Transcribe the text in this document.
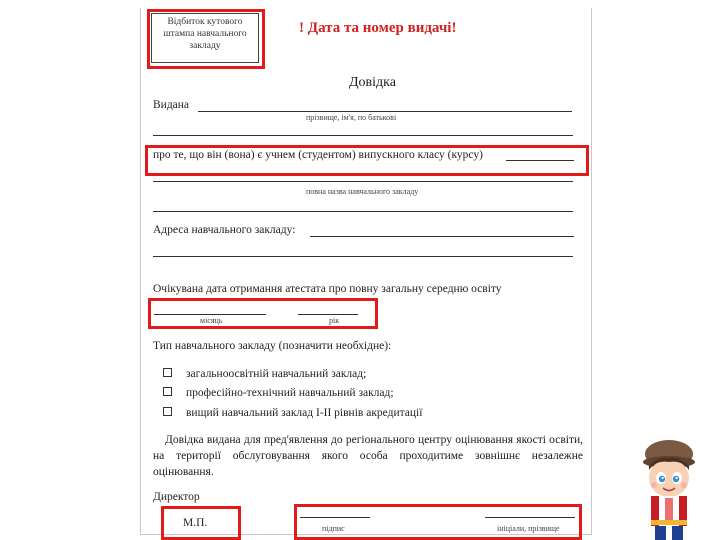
Відбиток кутового штампа навчального закладу
! Дата та номер видачі!
Довідка
Видана
прізвище, ім'я, по батькові
про те, що він (вона) є учнем (студентом) випускного класу (курсу)
повна назва навчального закладу
Адреса навчального закладу:
Очікувана дата отримання атестата про повну загальну середню освіту
місяць	рік
Тип навчального закладу (позначити необхідне):
загальноосвітній навчальний заклад;
професійно-технічний навчальний заклад;
вищий навчальний заклад І-ІІ рівнів акредитації
Довідка видана для пред'явлення до регіонального центру оцінювання якості освіти, на території обслуговування якого особа проходитиме зовнішнє незалежне оцінювання.
Директор
М.П.	підпис	ініціали, прізвище
